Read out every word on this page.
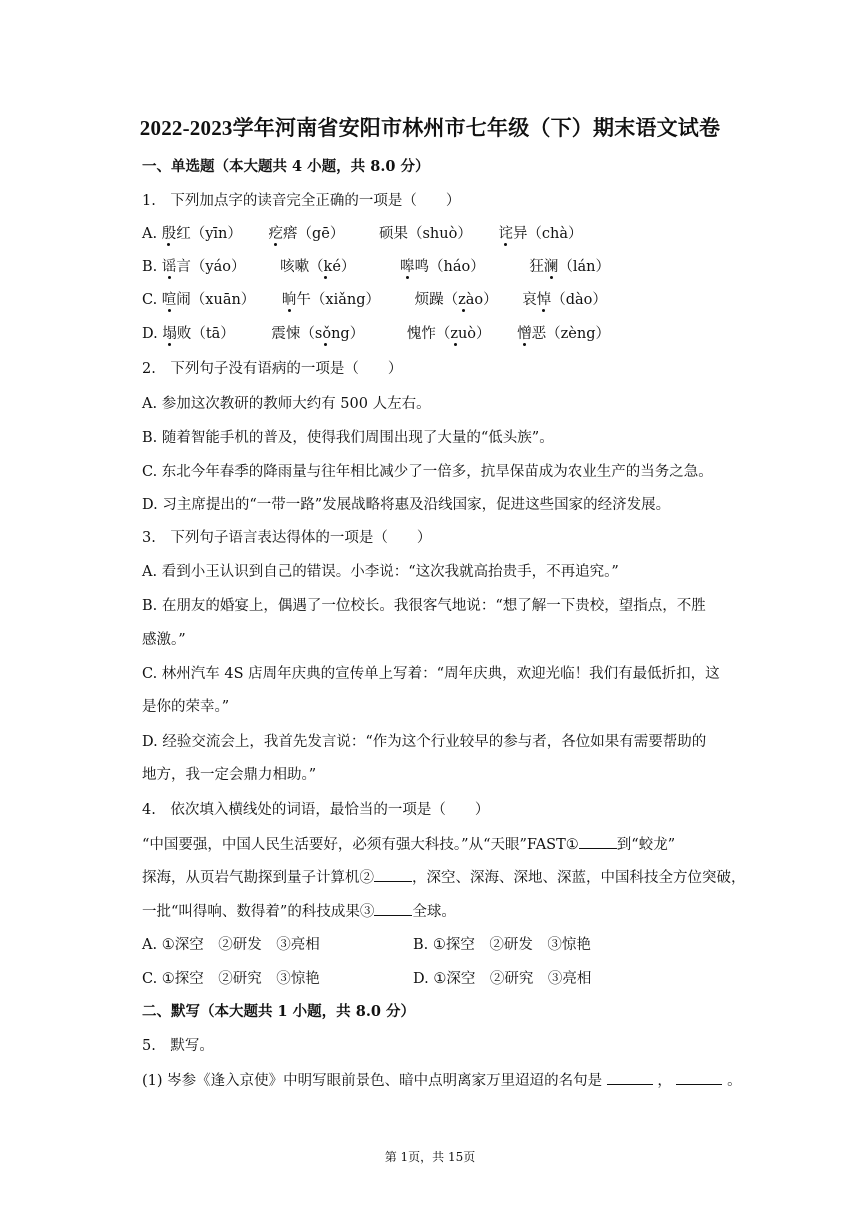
2022-2023学年河南省安阳市林州市七年级（下）期末语文试卷
一、单选题（本大题共 4 小题，共 8.0 分）
1.　下列加点字的读音完全正确的一项是（　　）
A. 殷红（yīn） 疙瘩（gē） 硕果（shuò） 诧异（chà）
B. 谣言（yáo） 咳嗽（ké）	嗥鸣（háo）	狂澜（lán）
C. 喧闹（xuān） 晌午（xiǎng） 烦躁（zào） 哀悼（dào）
D. 塌败（tā）	震悚（sǒng）	愧怍（zuò） 憎恶（zèng）
2.　下列句子没有语病的一项是（　　）
A. 参加这次教研的教师大约有 500 人左右。
B. 随着智能手机的普及，使得我们周围出现了大量的“低头族”。
C. 东北今年春季的降雨量与往年相比减少了一倍多，抗旱保苗成为农业生产的当务之急。
D. 习主席提出的“一带一路”发展战略将惠及沿线国家，促进这些国家的经济发展。
3.　下列句子语言表达得体的一项是（　　）
A. 看到小王认识到自己的错误。小李说：“这次我就高抬贵手，不再追究。”
B. 在朋友的婚宴上，偶遇了一位校长。我很客气地说：“想了解一下贵校，望指点，不胜
感激。”
C. 林州汽车 4S 店周年庆典的宣传单上写着：“周年庆典，欢迎光临！我们有最低折扣，这
是你的荣幸。”
D. 经验交流会上，我首先发言说：“作为这个行业较早的参与者，各位如果有需要帮助的
地方，我一定会鼎力相助。”
4.　依次填入横线处的词语，最恰当的一项是（　　）
“中国要强，中国人民生活要好，必须有强大科技。”从“天眼”FAST①	到“蛟龙”
探海，从页岩气勘探到量子计算机②	，深空、深海、深地、深蓝，中国科技全方位突破，
一批“叫得响、数得着”的科技成果③	全球。
A. ①深空　②研发　③亮相	B. ①探空　②研发　③惊艳
C. ①探空　②研究　③惊艳	D. ①深空　②研究　③亮相
二、默写（本大题共 1 小题，共 8.0 分）
5.　默写。
(1) 岑参《逢入京使》中明写眼前景色、暗中点明离家万里迢迢的名句是	，	。
第 1页，共 15页
